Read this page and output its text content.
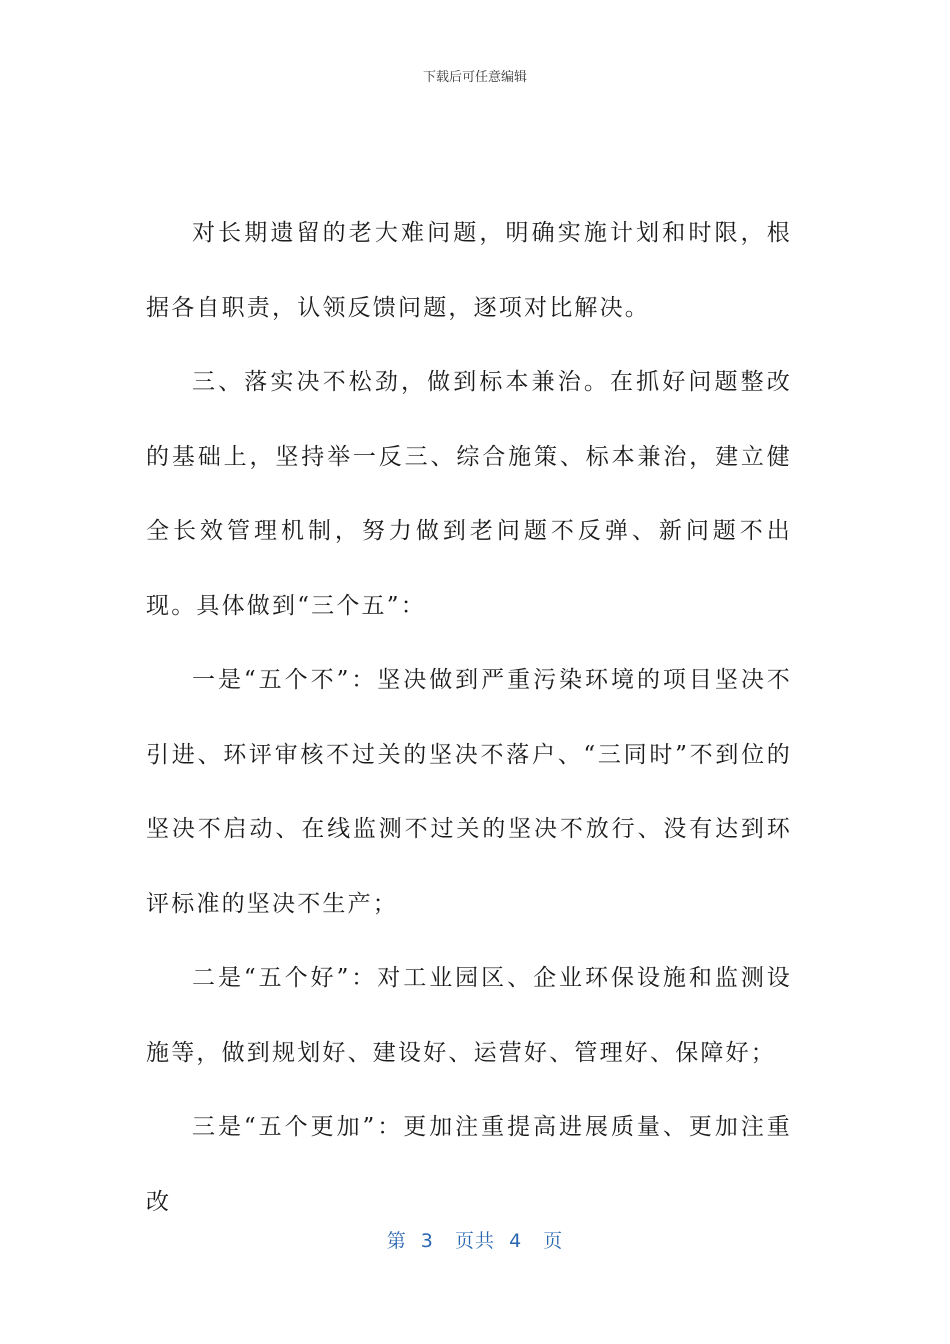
下载后可任意编辑

对长期遗留的老大难问题，明确实施计划和时限，根据各自职责，认领反馈问题，逐项对比解决。

三、落实决不松劲，做到标本兼治。在抓好问题整改的基础上，坚持举一反三、综合施策、标本兼治，建立健全长效管理机制，努力做到老问题不反弹、新问题不出现。具体做到“三个五”：

一是“五个不”：坚决做到严重污染环境的项目坚决不引进、环评审核不过关的坚决不落户、“三同时”不到位的坚决不启动、在线监测不过关的坚决不放行、没有达到环评标准的坚决不生产；

二是“五个好”：对工业园区、企业环保设施和监测设施等，做到规划好、建设好、运营好、管理好、保障好；

三是“五个更加”：更加注重提高进展质量、更加注重改

第  3   页共  4   页
